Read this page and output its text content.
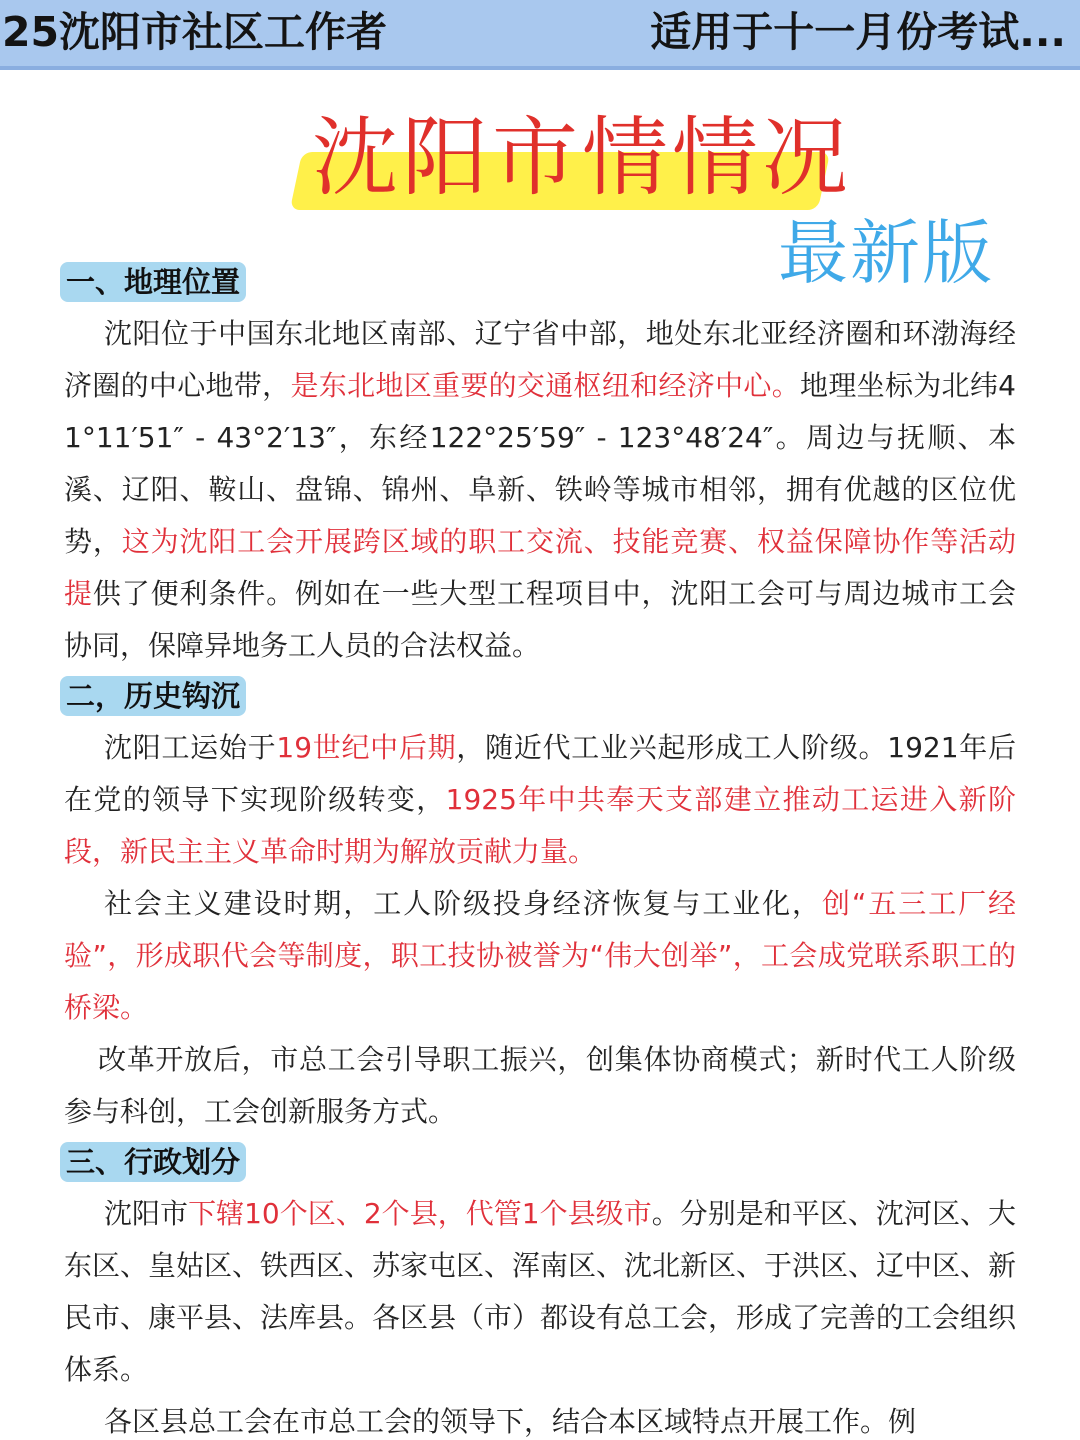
25沈阳市社区工作者	适用于十一月份考试...
沈阳市情情况
最新版
一、地理位置
沈阳位于中国东北地区南部、辽宁省中部，地处东北亚经济圈和环渤海经济圈的中心地带，是东北地区重要的交通枢纽和经济中心。地理坐标为北纬41°11′51″ - 43°2′13″，东经122°25′59″ - 123°48′24″。周边与抚顺、本溪、辽阳、鞍山、盘锦、锦州、阜新、铁岭等城市相邻，拥有优越的区位优势，这为沈阳工会开展跨区域的职工交流、技能竞赛、权益保障协作等活动提供了便利条件。例如在一些大型工程项目中，沈阳工会可与周边城市工会协同，保障异地务工人员的合法权益。
二，历史钩沉
沈阳工运始于19世纪中后期，随近代工业兴起形成工人阶级。1921年后在党的领导下实现阶级转变，1925年中共奉天支部建立推动工运进入新阶段，新民主主义革命时期为解放贡献力量。
社会主义建设时期，工人阶级投身经济恢复与工业化，创“五三工厂经验”，形成职代会等制度，职工技协被誉为“伟大创举”，工会成党联系职工的桥梁。
改革开放后，市总工会引导职工振兴，创集体协商模式；新时代工人阶级参与科创，工会创新服务方式。
三、行政划分
沈阳市下辖10个区、2个县，代管1个县级市。分别是和平区、沈河区、大东区、皇姑区、铁西区、苏家屯区、浑南区、沈北新区、于洪区、辽中区、新民市、康平县、法库县。各区县（市）都设有总工会，形成了完善的工会组织体系。
各区县总工会在市总工会的领导下，结合本区域特点开展工作。例
